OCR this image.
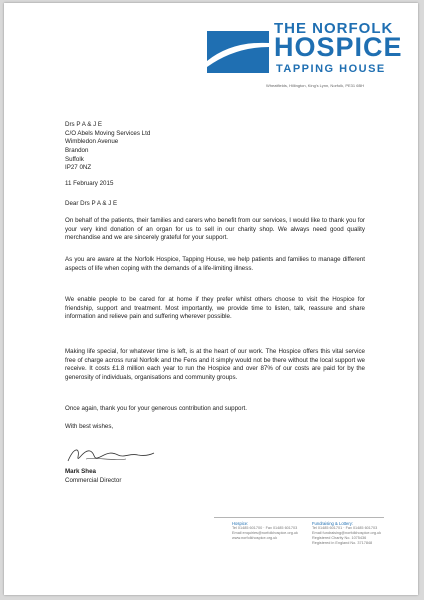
THE NORFOLK
HOSPICE
TAPPING HOUSE
Wheatfields, Hillington, King's Lynn, Norfolk, PE31 6BH
Drs P A & J E
C/O Abels Moving Services Ltd
Wimbledon Avenue
Brandon
Suffolk
IP27 0NZ
11 February 2015
Dear Drs P A & J E
On behalf of the patients, their families and carers who benefit from our services, I would like to thank you for your very kind donation of an organ for us to sell in our charity shop. We always need good quality merchandise and we are sincerely grateful for your support.
As you are aware at the Norfolk Hospice, Tapping House, we help patients and families to manage different aspects of life when coping with the demands of a life-limiting illness.
We enable people to be cared for at home if they prefer whilst others choose to visit the Hospice for friendship, support and treatment. Most importantly, we provide time to listen, talk, reassure and share information and relieve pain and suffering wherever possible.
Making life special, for whatever time is left, is at the heart of our work. The Hospice offers this vital service free of charge across rural Norfolk and the Fens and it simply would not be there without the local support we receive. It costs £1.8 million each year to run the Hospice and over 87% of our costs are paid for by the generosity of individuals, organisations and community groups.
Once again, thank you for your generous contribution and support.
With best wishes,
Mark Shea
Commercial Director
Hospice:
Tel 01485 601700 · Fax 01485 601703
Email enquiries@norfolkhospice.org.uk
www.norfolkhospice.org.uk
Fundraising & Lottery:
Tel 01485 601701 · Fax 01485 601703
Email fundraising@norfolkhospice.org.uk
Registered Charity No. 1075436
Registered in England No. 3717848
